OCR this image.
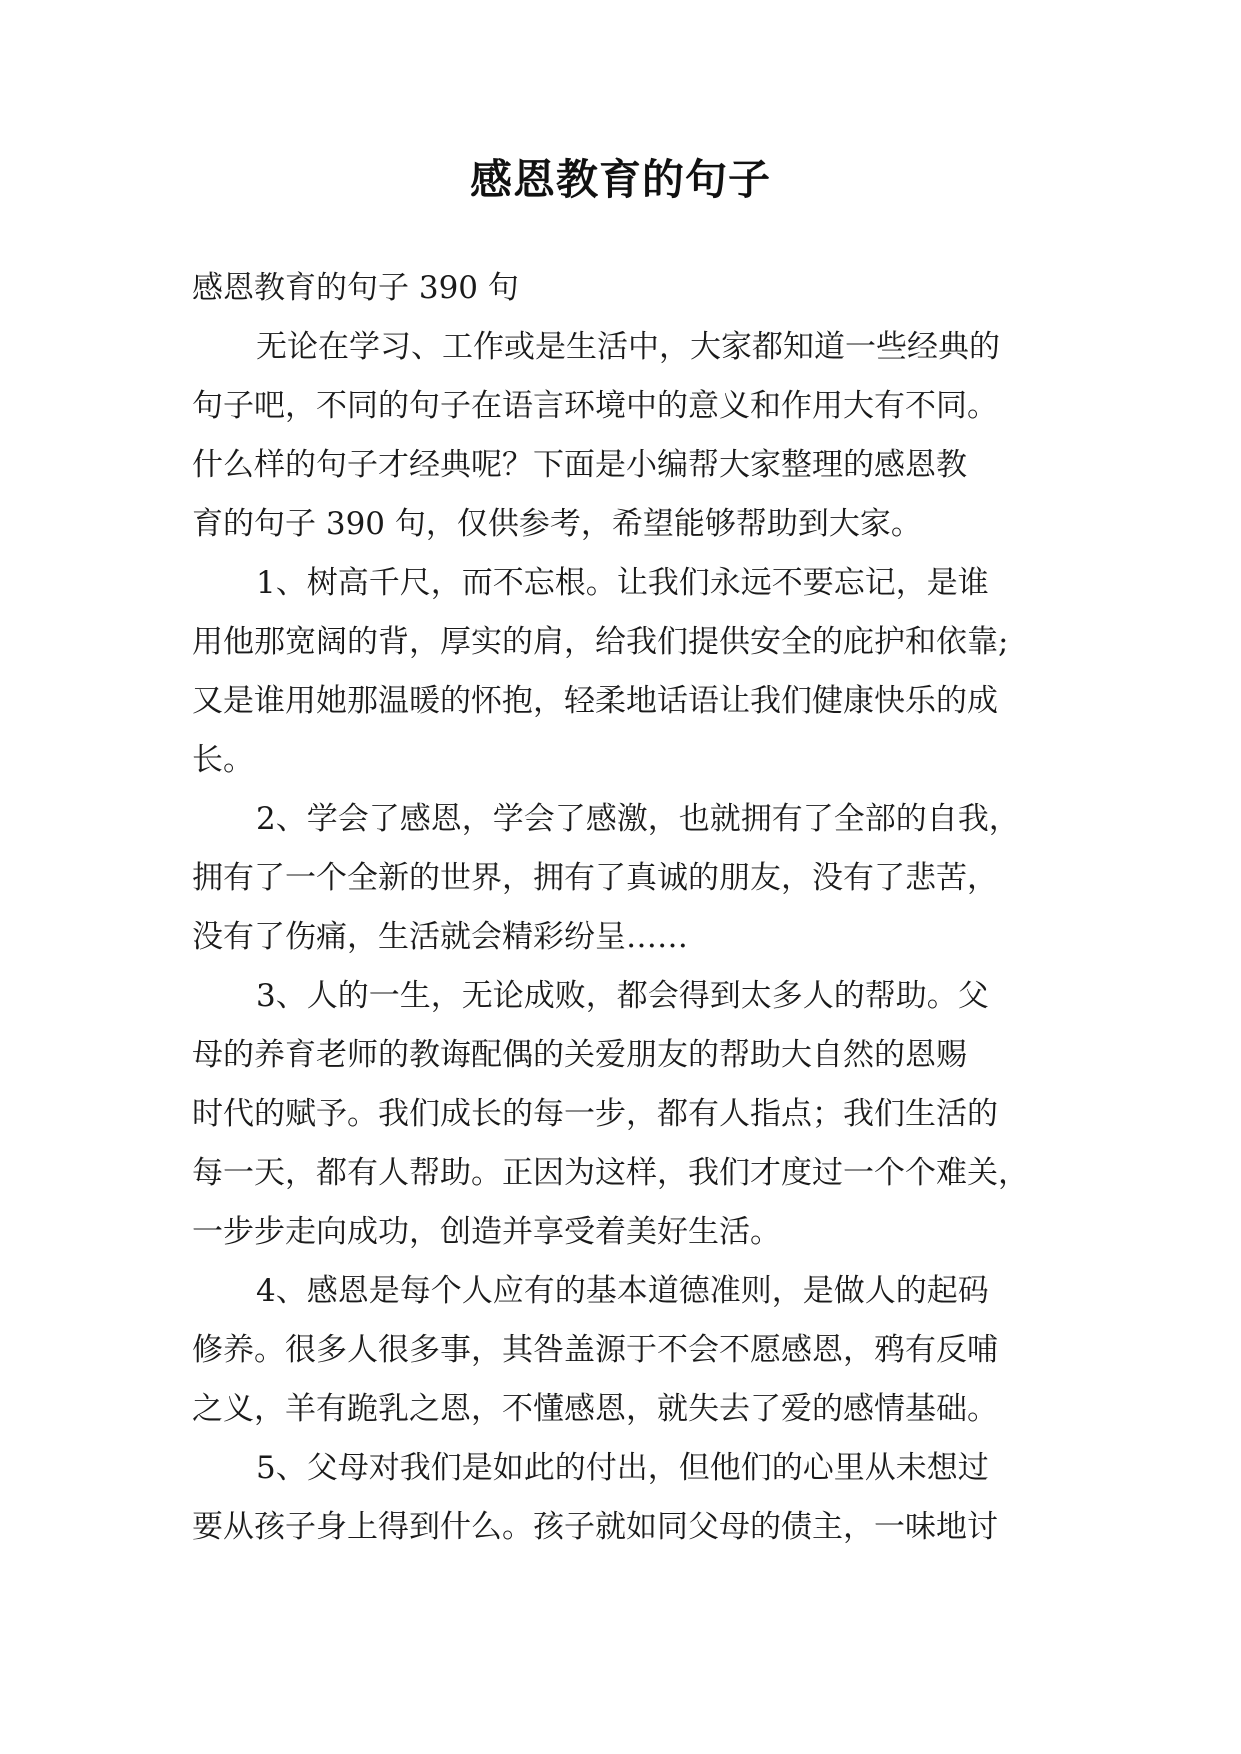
感恩教育的句子
感恩教育的句子 390 句
无论在学习、工作或是生活中，大家都知道一些经典的
句子吧，不同的句子在语言环境中的意义和作用大有不同。
什么样的句子才经典呢？下面是小编帮大家整理的感恩教
育的句子 390 句，仅供参考，希望能够帮助到大家。
1、树高千尺，而不忘根。让我们永远不要忘记，是谁
用他那宽阔的背，厚实的肩，给我们提供安全的庇护和依靠;
又是谁用她那温暖的怀抱，轻柔地话语让我们健康快乐的成
长。
2、学会了感恩，学会了感激，也就拥有了全部的自我，
拥有了一个全新的世界，拥有了真诚的朋友，没有了悲苦，
没有了伤痛，生活就会精彩纷呈……
3、人的一生，无论成败，都会得到太多人的帮助。父
母的养育老师的教诲配偶的关爱朋友的帮助大自然的恩赐
时代的赋予。我们成长的每一步，都有人指点；我们生活的
每一天，都有人帮助。正因为这样，我们才度过一个个难关，
一步步走向成功，创造并享受着美好生活。
4、感恩是每个人应有的基本道德准则，是做人的起码
修养。很多人很多事，其咎盖源于不会不愿感恩，鸦有反哺
之义，羊有跪乳之恩，不懂感恩，就失去了爱的感情基础。
5、父母对我们是如此的付出，但他们的心里从未想过
要从孩子身上得到什么。孩子就如同父母的债主，一味地讨
